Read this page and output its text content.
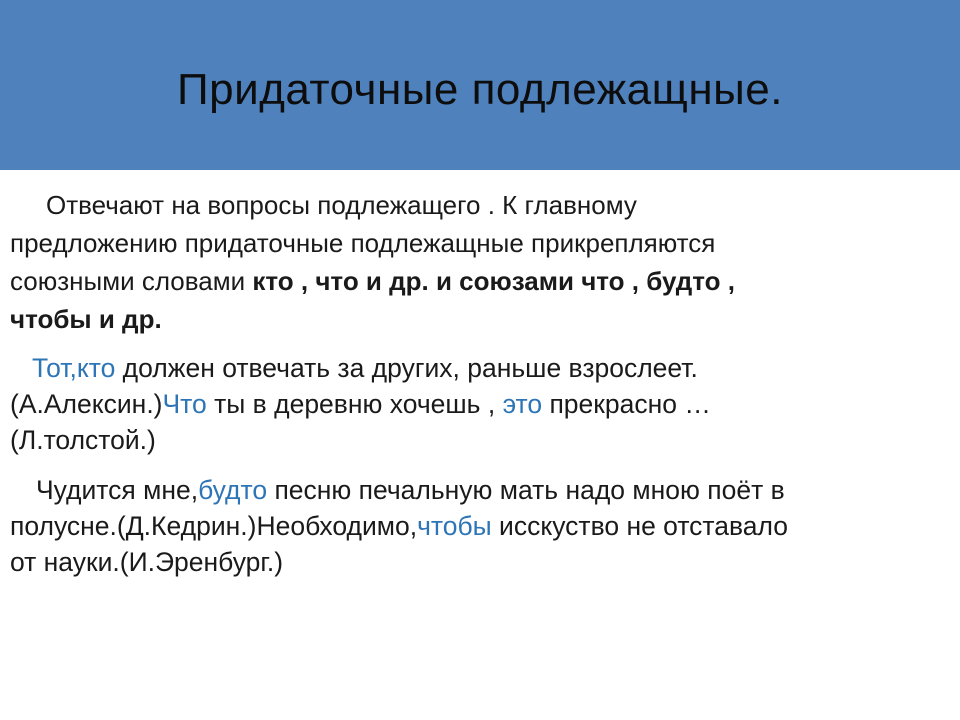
Придаточные подлежащные.

Отвечают на вопросы подлежащего . К главному
предложению придаточные подлежащные прикрепляются
союзными словами кто , что и др. и союзами что , будто ,
чтобы и др.

Тот,кто должен отвечать за других, раньше взрослеет.
(А.Алексин.)Что ты в деревню хочешь , это прекрасно …
(Л.толстой.)

Чудится мне,будто песню печальную мать надо мною поёт в
полусне.(Д.Кедрин.)Необходимо,чтобы исскуство не отставало
от науки.(И.Эренбург.)
